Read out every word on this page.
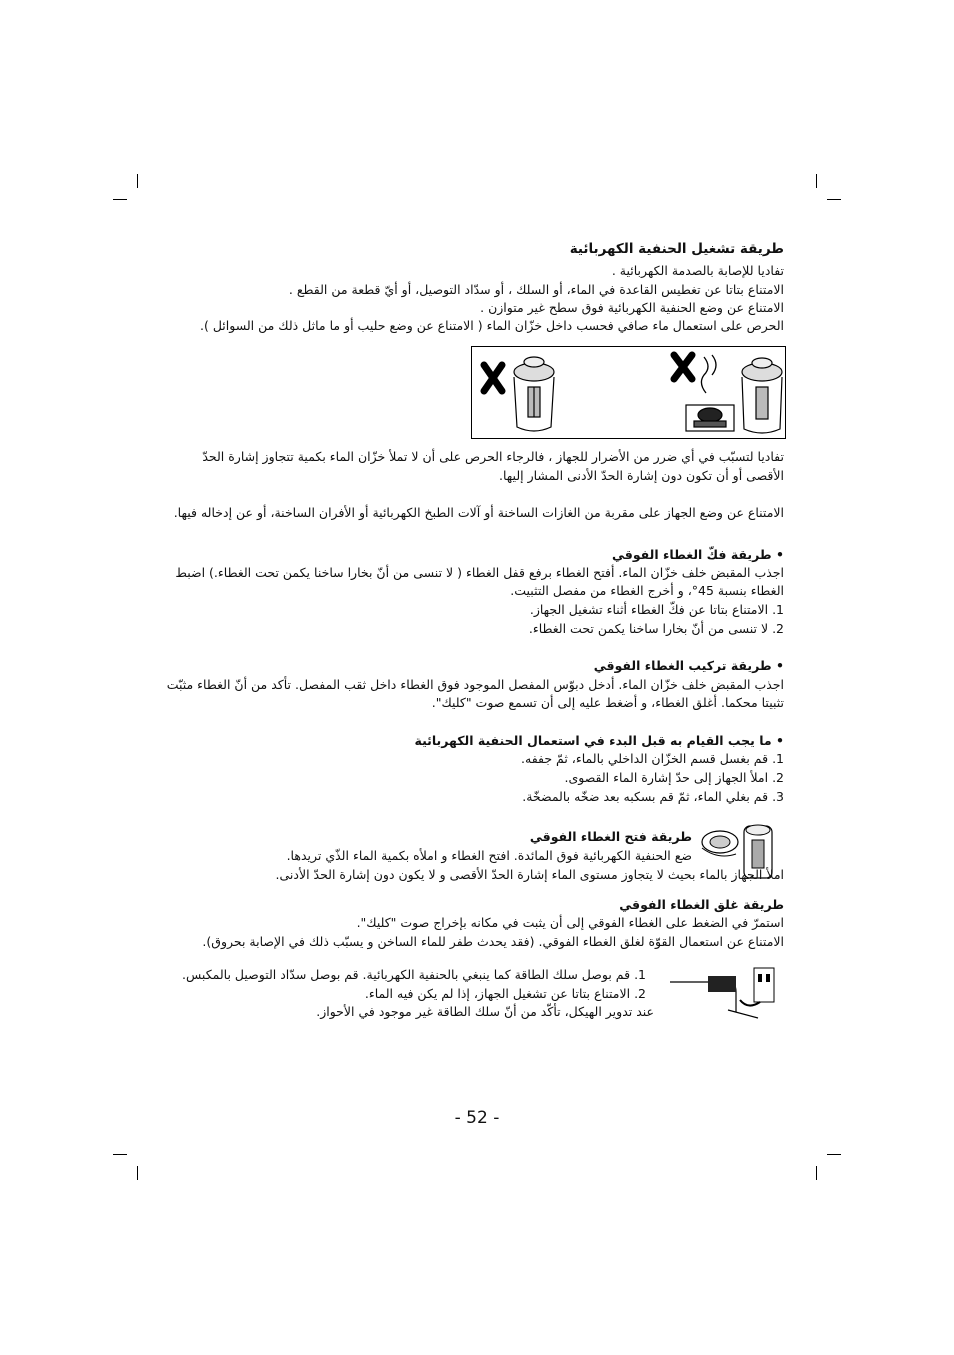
طريقة تشغيل الحنفية الكهربائية
تفاديا للإصابة بالصدمة الكهربائية .
الامتناع بتاتا عن تغطيس القاعدة في الماء، أو السلك ، أو سدّاد التوصيل، أو أيّ قطعة من القطع .
الامتناع عن وضع الحنفية الكهربائية فوق سطح غير متوازن .
الحرص على استعمال ماء صافي فحسب داخل خزّان الماء ( الامتناع عن وضع حليب أو ما ماثل ذلك من السوائل ).
تفاديا لتسبّب في أي ضرر من الأضرار للجهاز ، فالرجاء الحرص على أن لا تملأ خزّان الماء بكمية تتجاوز إشارة الحدّ
الأقصى أو أن تكون دون إشارة الحدّ الأدنى المشار إليها.
الامتناع عن وضع الجهاز على مقربة من الغازات الساخنة أو آلات الطبخ الكهربائية أو الأفران الساخنة، أو عن إدخاله فيها.
• طريقة فكّ الغطاء الفوقي
اجذب المقبض خلف خزّان الماء. أفتح الغطاء برفع قفل الغطاء ( لا تنسى من أنّ بخارا ساخنا يكمن تحت الغطاء.) اضبط
الغطاء بنسبة 45°، و أخرج الغطاء من مفصل التثبيت.
1. الامتناع بتاتا عن فكّ الغطاء أثناء تشغيل الجهاز.
2. لا تنسى من أنّ بخارا ساخنا يكمن تحت الغطاء.
• طريقة تركيب الغطاء الفوقي
اجذب المقبض خلف خزّان الماء. أدخل دبوّس المفصل الموجود فوق الغطاء داخل ثقب المفصل. تأكد من أنّ الغطاء مثبّت
تثبيتا محكما. أغلق الغطاء، و أضغط عليه إلى أن تسمع صوت "كليك".
• ما يجب القيام به قبل البدء في استعمال الحنفية الكهربائية
1. قم بغسل قسم الخزّان الداخلي بالماء، ثمّ جففه.
2. املأ الجهاز إلى حدّ إشارة الماء القصوى.
3. قم بغلي الماء، ثمّ قم بسكبه بعد ضخّه بالمضخّة.
طريقة فتح الغطاء الفوقي
ضع الحنفية الكهربائية فوق المائدة. افتح الغطاء و املأه بكمية الماء الذّي تريدها.
املأ الجهاز بالماء بحيث لا يتجاوز مستوى الماء إشارة الحدّ الأقصى و لا يكون دون إشارة الحدّ الأدنى.
طريقة غلق الغطاء الفوقي
استمرّ في الضغط على الغطاء الفوقي إلى أن يثبت في مكانه بإخراج صوت "كليك".
الامتناع عن استعمال القوّة لغلق الغطاء الفوقي. (فقد يحدث طفر للماء الساخن و يسبّب ذلك في الإصابة بحروق).
1. قم بوصل سلك الطاقة كما ينبغي بالحنفية الكهربائية. قم بوصل سدّاد التوصيل بالمكبس.
2. الامتناع بتاتا عن تشغيل الجهاز، إذا لم يكن فيه الماء.
عند تدوير الهيكل، تأكّد من أنّ سلك الطاقة غير موجود في الأحواز.
- 52 -
